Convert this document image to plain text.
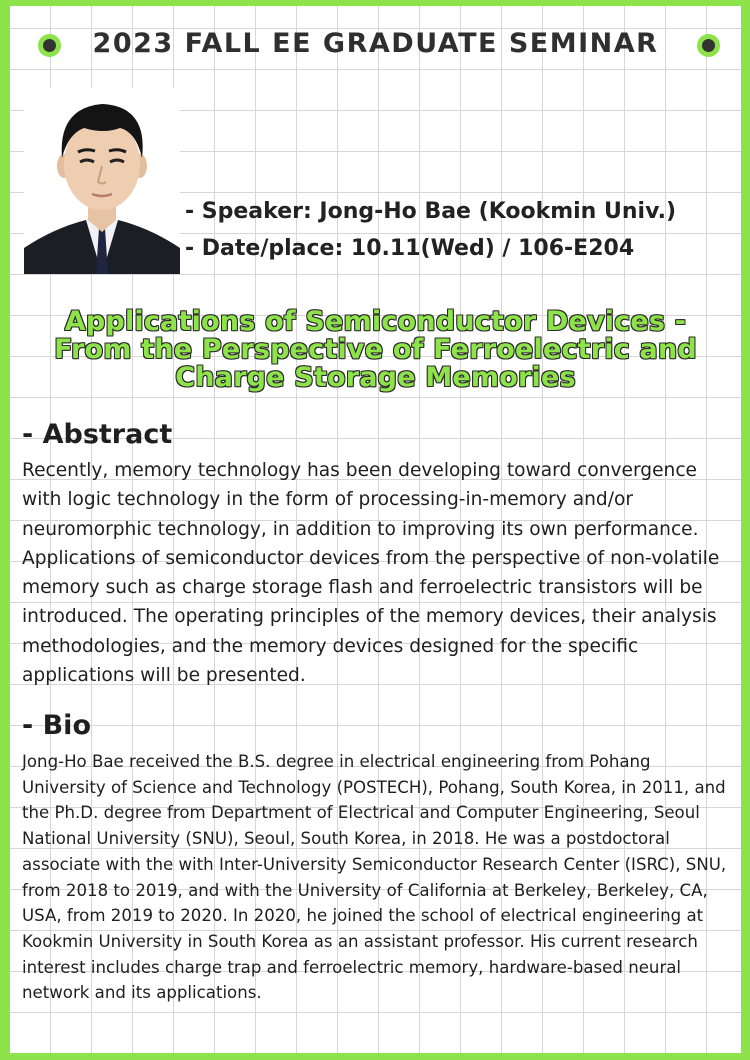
2023 FALL EE GRADUATE SEMINAR
- Speaker: Jong-Ho Bae (Kookmin Univ.)
- Date/place: 10.11(Wed) / 106-E204
Applications of Semiconductor Devices -
From the Perspective of Ferroelectric and
Charge Storage Memories
- Abstract
Recently, memory technology has been developing toward convergence with logic technology in the form of processing-in-memory and/or neuromorphic technology, in addition to improving its own performance. Applications of semiconductor devices from the perspective of non-volatile memory such as charge storage flash and ferroelectric transistors will be introduced. The operating principles of the memory devices, their analysis methodologies, and the memory devices designed for the specific applications will be presented.
- Bio
Jong-Ho Bae received the B.S. degree in electrical engineering from Pohang University of Science and Technology (POSTECH), Pohang, South Korea, in 2011, and the Ph.D. degree from Department of Electrical and Computer Engineering, Seoul National University (SNU), Seoul, South Korea, in 2018. He was a postdoctoral associate with the with Inter-University Semiconductor Research Center (ISRC), SNU, from 2018 to 2019, and with the University of California at Berkeley, Berkeley, CA, USA, from 2019 to 2020. In 2020, he joined the school of electrical engineering at Kookmin University in South Korea as an assistant professor. His current research interest includes charge trap and ferroelectric memory, hardware-based neural network and its applications.
